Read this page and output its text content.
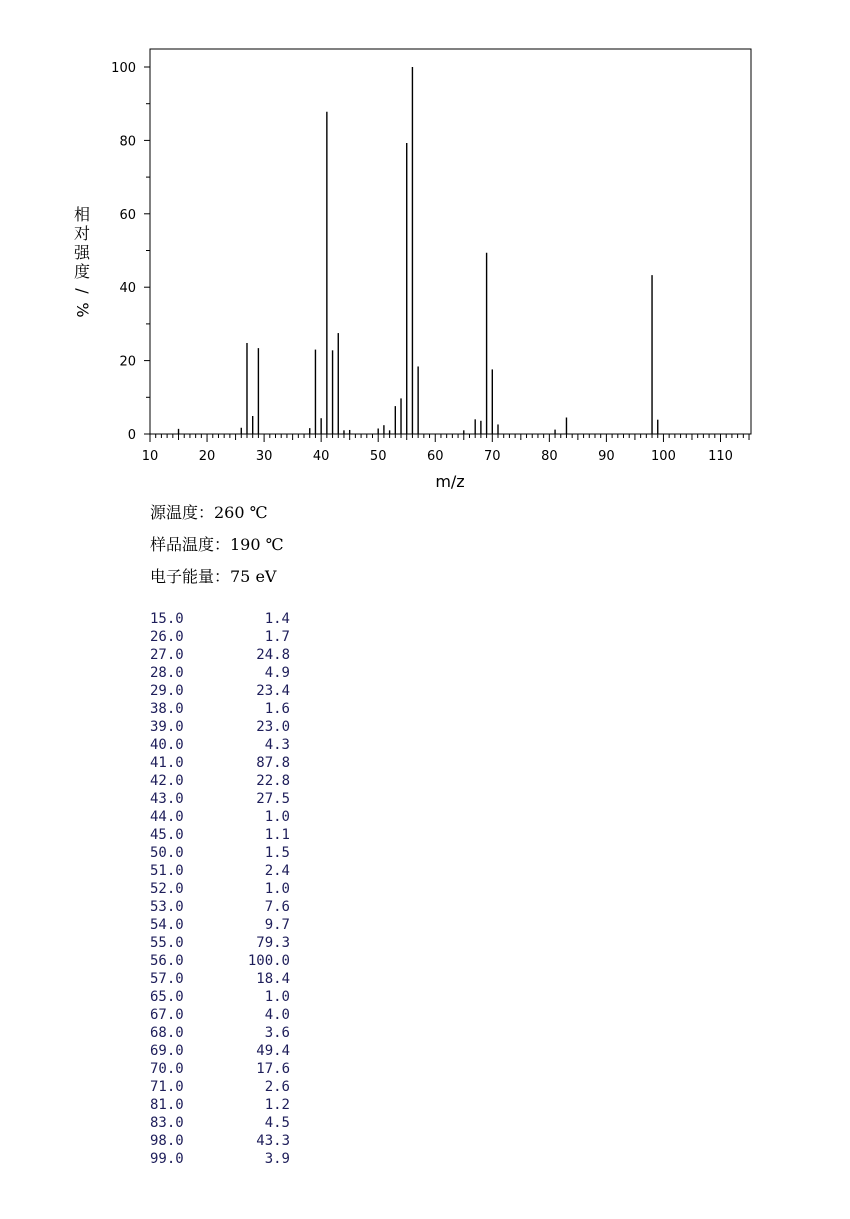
相
对
强
度
/
%
m/z
10	20	30	40	50	60	70	80	90	100 110
0
20
40
60
80
100
源温度：260 ℃
样品温度：190 ℃
电子能量：75 eV
15.0	1.4
26.0	1.7
27.0	24.8
28.0	4.9
29.0	23.4
38.0	1.6
39.0	23.0
40.0	4.3
41.0	87.8
42.0	22.8
43.0	27.5
44.0	1.0
45.0	1.1
50.0	1.5
51.0	2.4
52.0	1.0
53.0	7.6
54.0	9.7
55.0	79.3
56.0	100.0
57.0	18.4
65.0	1.0
67.0	4.0
68.0	3.6
69.0	49.4
70.0	17.6
71.0	2.6
81.0	1.2
83.0	4.5
98.0	43.3
99.0	3.9
